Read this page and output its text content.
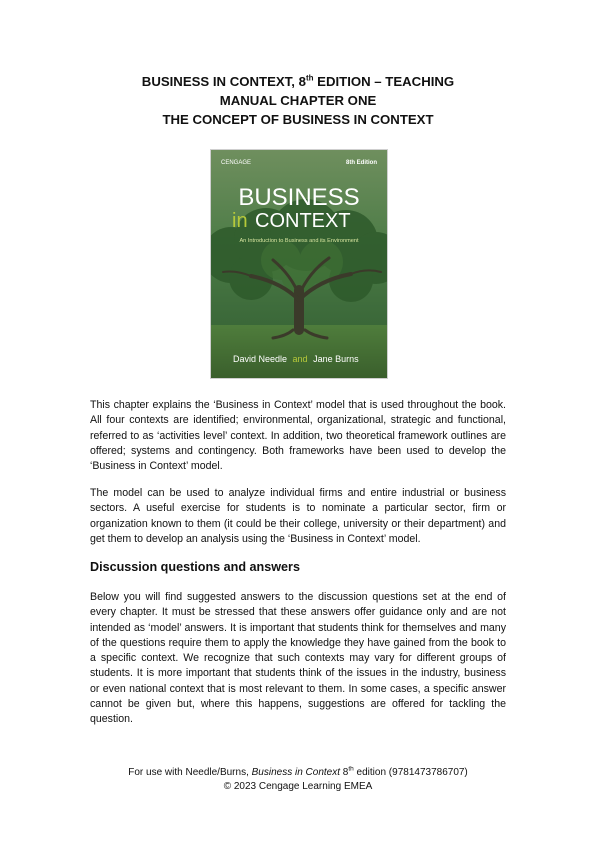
BUSINESS IN CONTEXT, 8th EDITION – TEACHING
MANUAL CHAPTER ONE
THE CONCEPT OF BUSINESS IN CONTEXT
CENGAGE	8th Edition
BUSINESS
in CONTEXT
An Introduction to Business and its Environment
David Needle and Jane Burns

This chapter explains the ‘Business in Context’ model that is used throughout the book. All four contexts are identified; environmental, organizational, strategic and functional, referred to as ‘activities level’ context. In addition, two theoretical framework outlines are offered; systems and contingency. Both frameworks have been used to develop the ‘Business in Context’ model.

The model can be used to analyze individual firms and entire industrial or business sectors. A useful exercise for students is to nominate a particular sector, firm or organization known to them (it could be their college, university or their department) and get them to develop an analysis using the ‘Business in Context’ model.

Discussion questions and answers

Below you will find suggested answers to the discussion questions set at the end of every chapter. It must be stressed that these answers offer guidance only and are not intended as ‘model’ answers. It is important that students think for themselves and many of the questions require them to apply the knowledge they have gained from the book to a specific context. We recognize that such contexts may vary for different groups of students. It is more important that students think of the issues in the industry, business or even national context that is most relevant to them. In some cases, a specific answer cannot be given but, where this happens, suggestions are offered for tackling the question.

For use with Needle/Burns, Business in Context 8th edition (9781473786707)
© 2023 Cengage Learning EMEA
